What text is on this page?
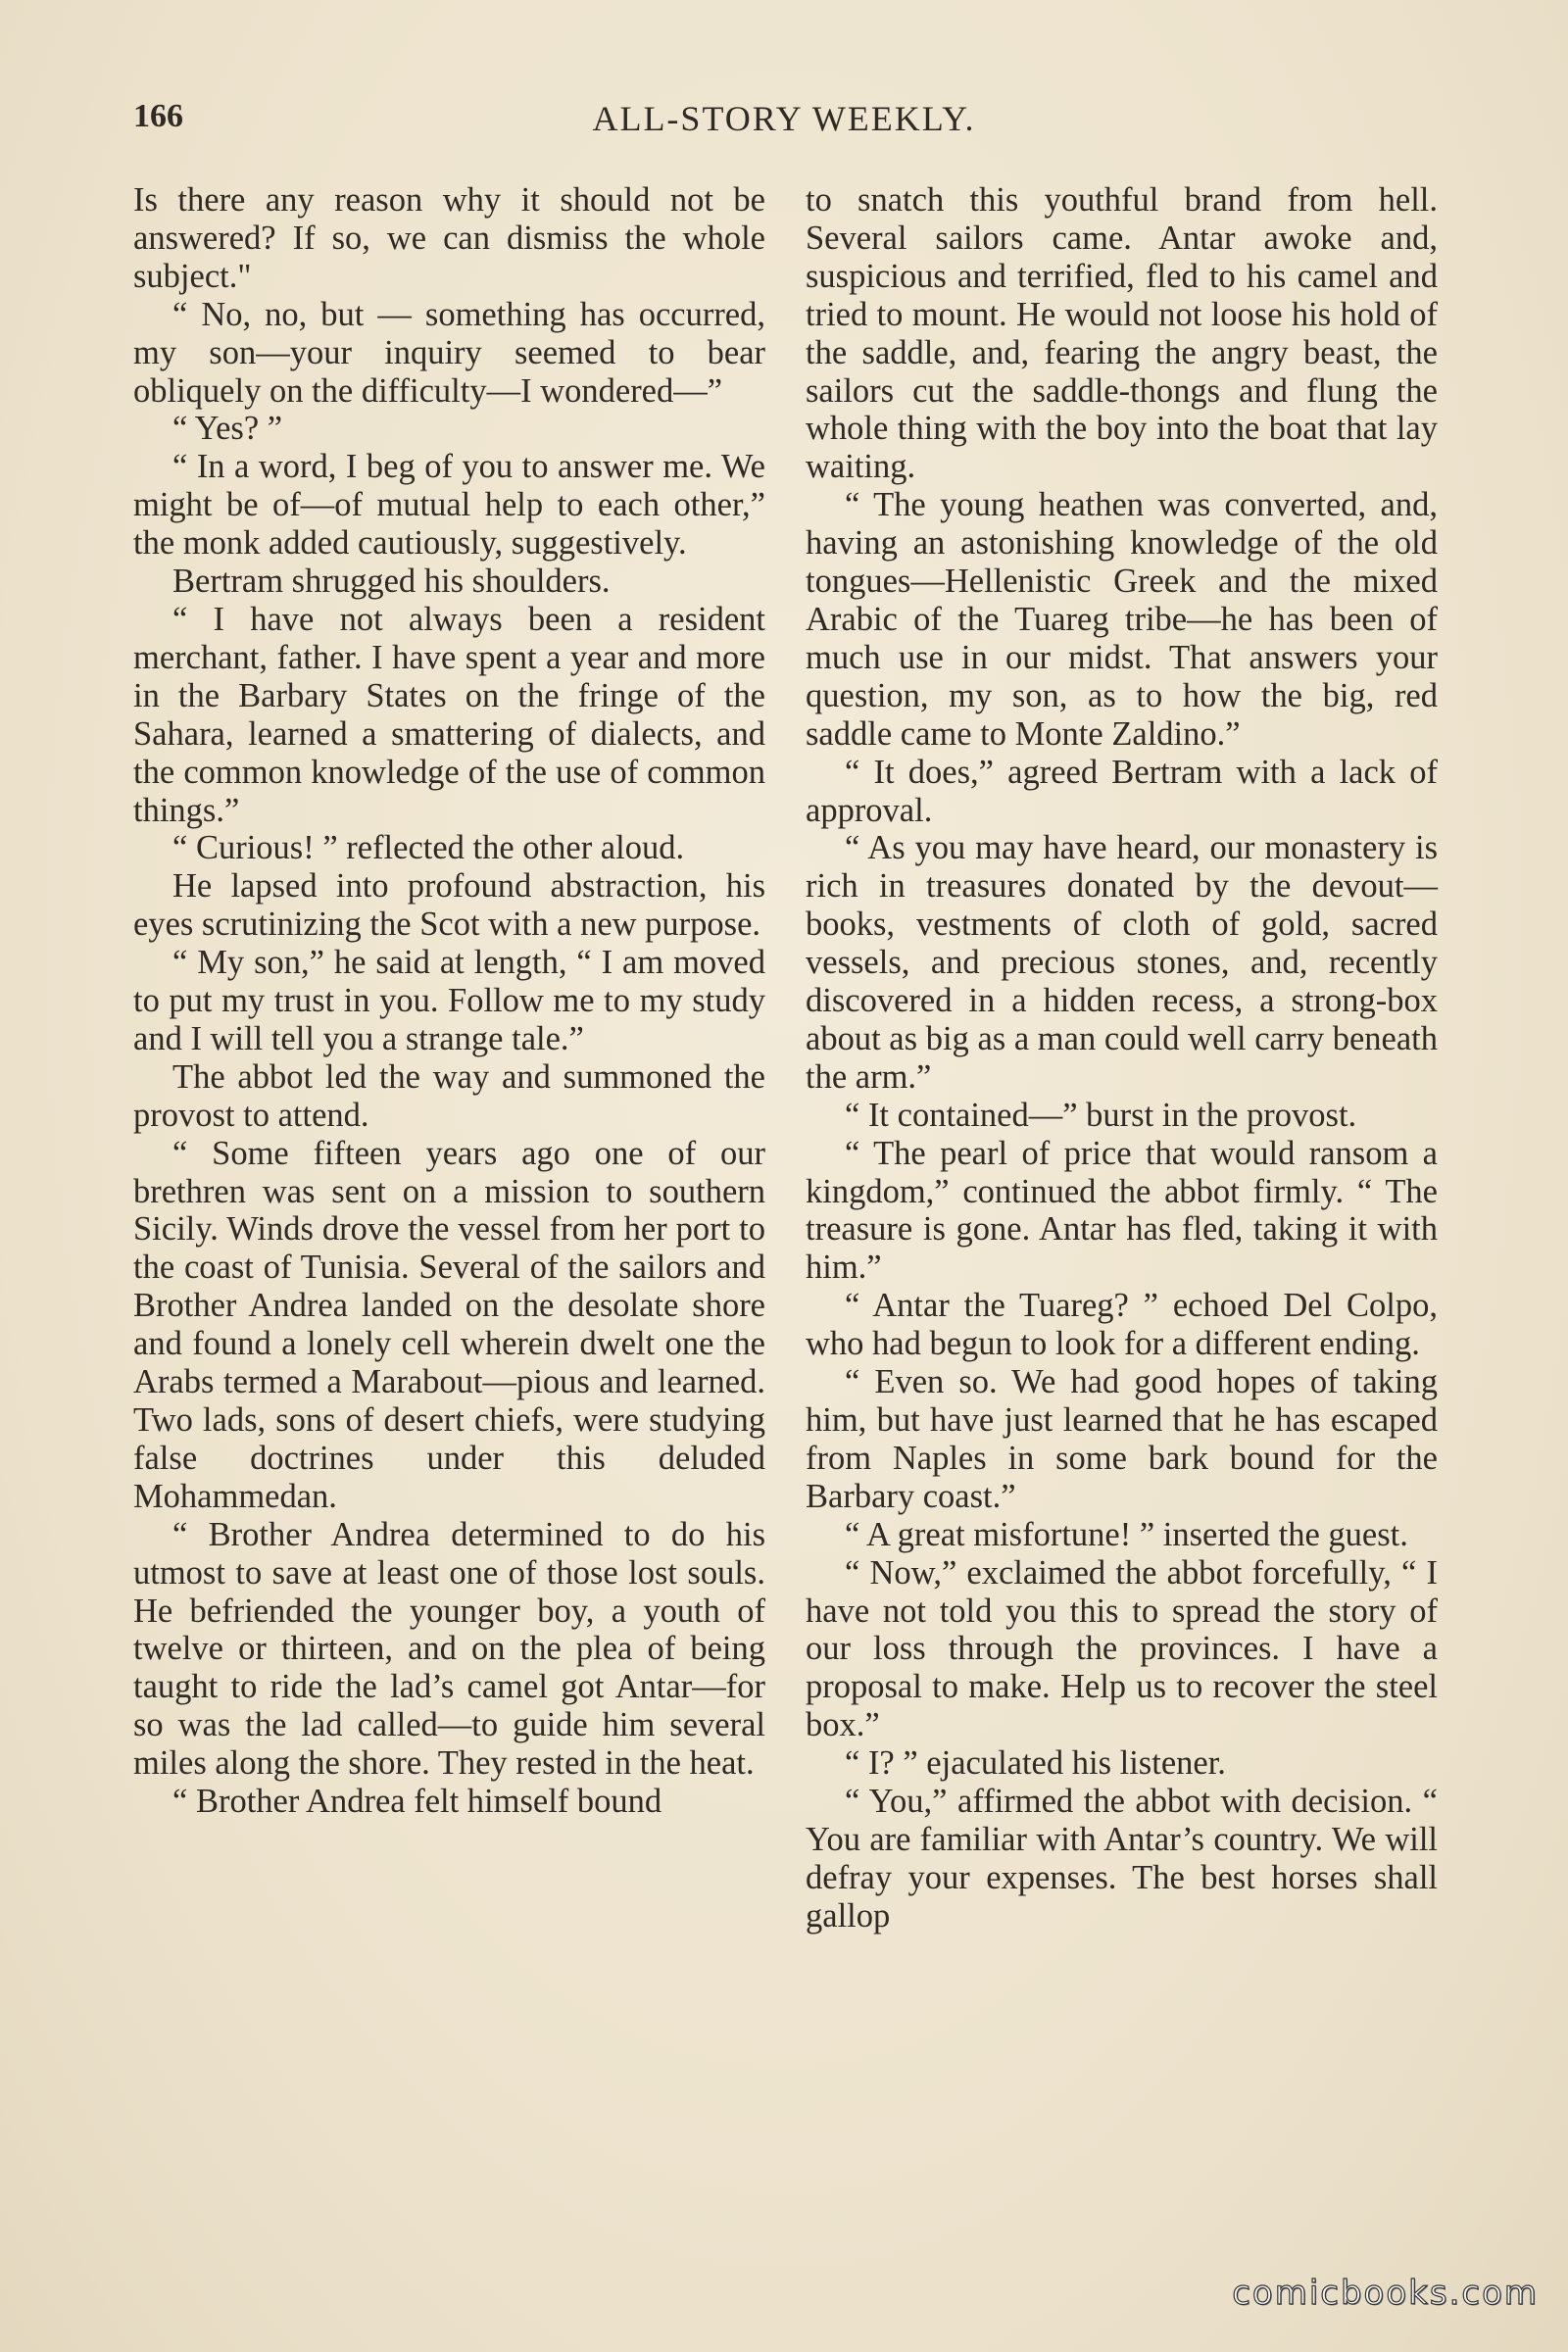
166	ALL-STORY WEEKLY.

Is there any reason why it should not be answered? If so, we can dismiss the whole subject."

“ No, no, but — something has occurred, my son—your inquiry seemed to bear obliquely on the difficulty—I wondered—”

“ Yes? ”

“ In a word, I beg of you to answer me. We might be of—of mutual help to each other,” the monk added cautiously, suggestively.

Bertram shrugged his shoulders.

“ I have not always been a resident merchant, father. I have spent a year and more in the Barbary States on the fringe of the Sahara, learned a smattering of dialects, and the common knowledge of the use of common things.”

“ Curious! ” reflected the other aloud.

He lapsed into profound abstraction, his eyes scrutinizing the Scot with a new purpose.

“ My son,” he said at length, “ I am moved to put my trust in you. Follow me to my study and I will tell you a strange tale.”

The abbot led the way and summoned the provost to attend.

“ Some fifteen years ago one of our brethren was sent on a mission to southern Sicily. Winds drove the vessel from her port to the coast of Tunisia. Several of the sailors and Brother Andrea landed on the desolate shore and found a lonely cell wherein dwelt one the Arabs termed a Marabout—pious and learned. Two lads, sons of desert chiefs, were studying false doctrines under this deluded Mohammedan.

“ Brother Andrea determined to do his utmost to save at least one of those lost souls. He befriended the younger boy, a youth of twelve or thirteen, and on the plea of being taught to ride the lad’s camel got Antar—for so was the lad called—to guide him several miles along the shore. They rested in the heat.

“ Brother Andrea felt himself bound

to snatch this youthful brand from hell. Several sailors came. Antar awoke and, suspicious and terrified, fled to his camel and tried to mount. He would not loose his hold of the saddle, and, fearing the angry beast, the sailors cut the saddle-thongs and flung the whole thing with the boy into the boat that lay waiting.

“ The young heathen was converted, and, having an astonishing knowledge of the old tongues—Hellenistic Greek and the mixed Arabic of the Tuareg tribe—he has been of much use in our midst. That answers your question, my son, as to how the big, red saddle came to Monte Zaldino.”

“ It does,” agreed Bertram with a lack of approval.

“ As you may have heard, our monastery is rich in treasures donated by the devout—books, vestments of cloth of gold, sacred vessels, and precious stones, and, recently discovered in a hidden recess, a strong-box about as big as a man could well carry beneath the arm.”

“ It contained—” burst in the provost.

“ The pearl of price that would ransom a kingdom,” continued the abbot firmly. “ The treasure is gone. Antar has fled, taking it with him.”

“ Antar the Tuareg? ” echoed Del Colpo, who had begun to look for a different ending.

“ Even so. We had good hopes of taking him, but have just learned that he has escaped from Naples in some bark bound for the Barbary coast.”

“ A great misfortune! ” inserted the guest.

“ Now,” exclaimed the abbot forcefully, “ I have not told you this to spread the story of our loss through the provinces. I have a proposal to make. Help us to recover the steel box.”

“ I? ” ejaculated his listener.

“ You,” affirmed the abbot with decision. “ You are familiar with Antar’s country. We will defray your expenses. The best horses shall gallop

comicbooks.com
